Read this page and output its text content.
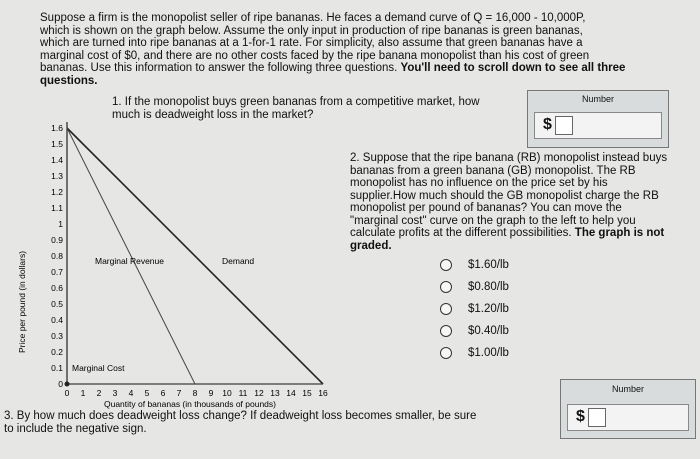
Suppose a firm is the monopolist seller of ripe bananas. He faces a demand curve of Q = 16,000 - 10,000P,
which is shown on the graph below. Assume the only input in production of ripe bananas is green bananas,
which are turned into ripe bananas at a 1-for-1 rate. For simplicity, also assume that green bananas have a
marginal cost of $0, and there are no other costs faced by the ripe banana monopolist than his cost of green
bananas. Use this information to answer the following three questions. You'll need to scroll down to see all three
questions.
1. If the monopolist buys green bananas from a competitive market, how
much is deadweight loss in the market?
Number
$
0
0.1
0.2
0.3
0.4
0.5
0.6
0.7
0.8
0.9
1
1.1
1.2
1.3
1.4
1.5
1.6
0 1 2 3 4 5 6 7 8 9 10 11 12 13 14 15 16
Price per pound (in dollars)
Quantity of bananas (in thousands of pounds)
Marginal Revenue	Demand
Marginal Cost
2. Suppose that the ripe banana (RB) monopolist instead buys
bananas from a green banana (GB) monopolist. The RB
monopolist has no influence on the price set by his
supplier.How much should the GB monopolist charge the RB
monopolist per pound of bananas? You can move the
"marginal cost" curve on the graph to the left to help you
calculate profits at the different possibilities. The graph is not
graded.
$1.60/lb
$0.80/lb
$1.20/lb
$0.40/lb
$1.00/lb
3. By how much does deadweight loss change? If deadweight loss becomes smaller, be sure
to include the negative sign.
Number
$
